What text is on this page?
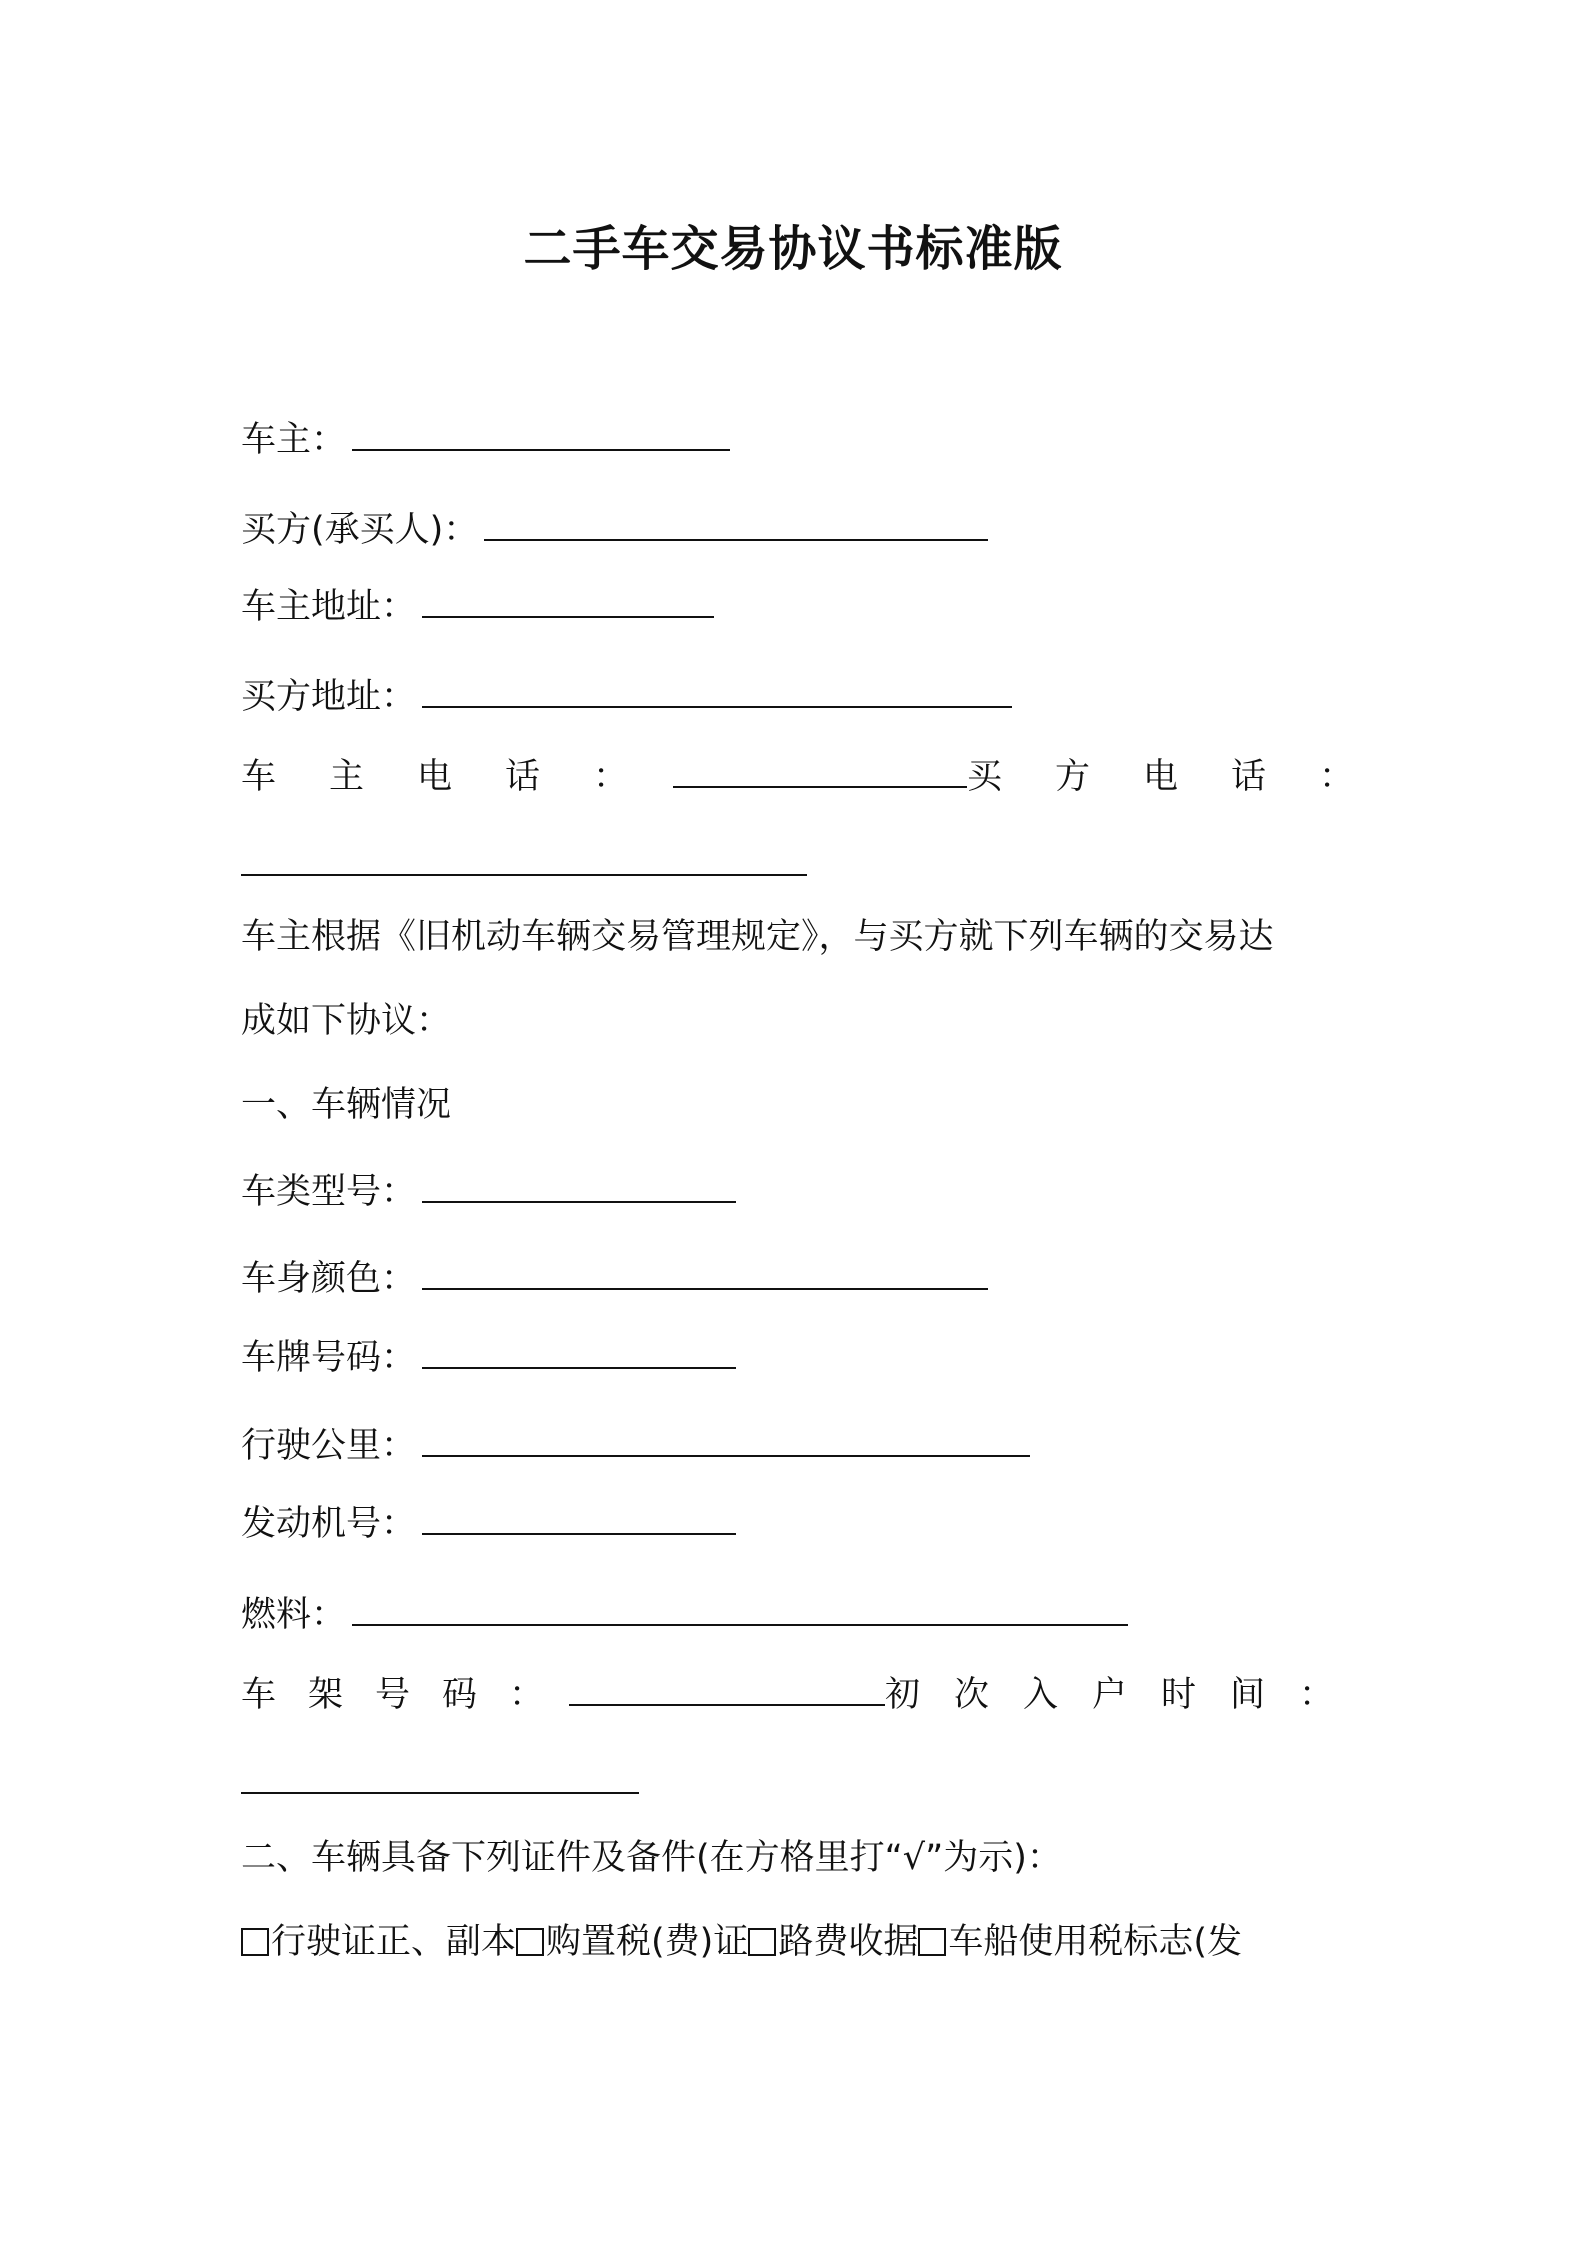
二手车交易协议书标准版
车主：
买方(承买人)：
车主地址：
买方地址：
车 主 电 话 ：	买 方 电 话 ：
车主根据《旧机动车辆交易管理规定》，与买方就下列车辆的交易达
成如下协议：
一、车辆情况
车类型号：
车身颜色：
车牌号码：
行驶公里：
发动机号：
燃料：
车 架 号 码 ：	初 次 入 户 时 间 ：
二、车辆具备下列证件及备件(在方格里打“√”为示)：
行驶证正、副本 购置税(费)证 路费收据 车船使用税标志(发
